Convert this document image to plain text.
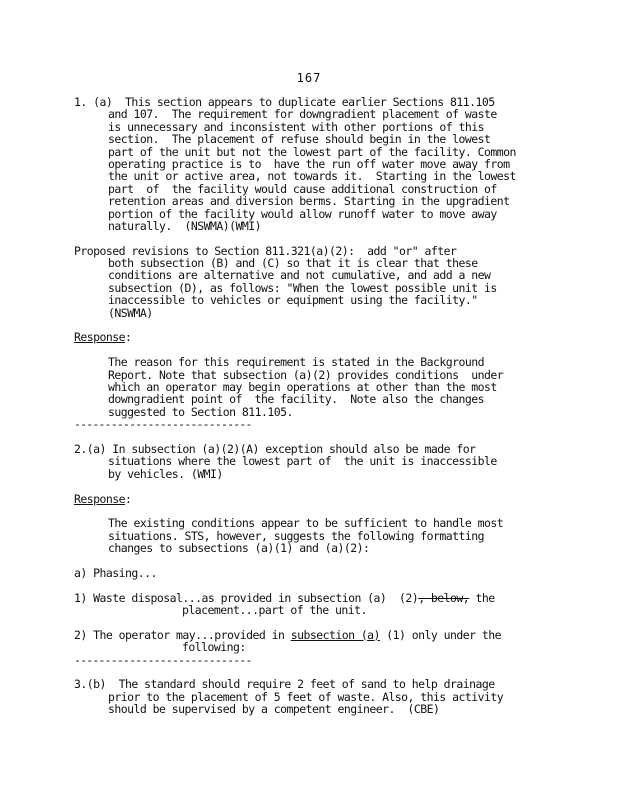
167
1. (a)  This section appears to duplicate earlier Sections 811.105
and 107.  The requirement for downgradient placement of waste
is unnecessary and inconsistent with other portions of this
section.  The placement of refuse should begin in the lowest
part of the unit but not the lowest part of the facility. Common
operating practice is to  have the run off water move away from
the unit or active area, not towards it.  Starting in the lowest
part  of  the facility would cause additional construction of
retention areas and diversion berms. Starting in the upgradient
portion of the facility would allow runoff water to move away
naturally.  (NSWMA)(WMI)
Proposed revisions to Section 811.321(a)(2):  add "or" after
both subsection (B) and (C) so that it is clear that these
conditions are alternative and not cumulative, and add a new
subsection (D), as follows: "When the lowest possible unit is
inaccessible to vehicles or equipment using the facility."
(NSWMA)
Response:
The reason for this requirement is stated in the Background
Report. Note that subsection (a)(2) provides conditions  under
which an operator may begin operations at other than the most
downgradient point of  the facility.  Note also the changes
suggested to Section 811.105.
-----------------------------
2.(a) In subsection (a)(2)(A) exception should also be made for
situations where the lowest part of  the unit is inaccessible
by vehicles. (WMI)
Response:
The existing conditions appear to be sufficient to handle most
situations. STS, however, suggests the following formatting
changes to subsections (a)(1) and (a)(2):
a) Phasing...
1) Waste disposal...as provided in subsection (a)  (2), below, the
placement...part of the unit.
2) The operator may...provided in subsection (a) (1) only under the
following:
-----------------------------
3.(b)  The standard should require 2 feet of sand to help drainage
prior to the placement of 5 feet of waste. Also, this activity
should be supervised by a competent engineer.  (CBE)
